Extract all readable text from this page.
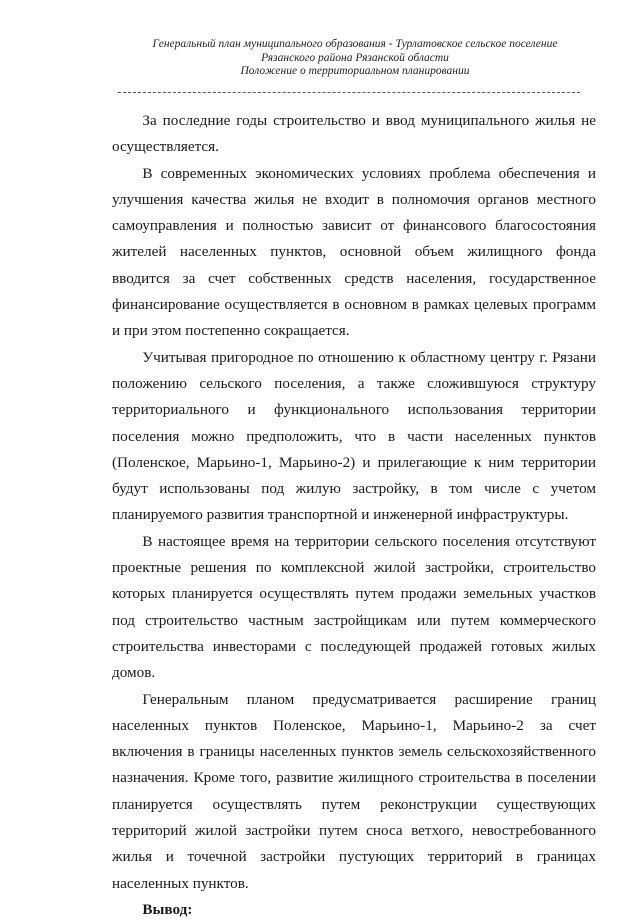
Генеральный план муниципального образования - Турлатовское сельское поселение
Рязанского района Рязанской области
Положение о территориальном планировании

За последние годы строительство и ввод муниципального жилья не осуществляется.

В современных экономических условиях проблема обеспечения и улучшения качества жилья не входит в полномочия органов местного самоуправления и полностью зависит от финансового благосостояния жителей населенных пунктов, основной объем жилищного фонда вводится за счет собственных средств населения, государственное финансирование осуществляется в основном в рамках целевых программ и при этом постепенно сокращается.

Учитывая пригородное по отношению к областному центру г. Рязани положению сельского поселения, а также сложившуюся структуру территориального и функционального использования территории поселения можно предположить, что в части населенных пунктов (Поленское, Марьино-1, Марьино-2) и прилегающие к ним территории будут использованы под жилую застройку, в том числе с учетом планируемого развития транспортной и инженерной инфраструктуры.

В настоящее время на территории сельского поселения отсутствуют проектные решения по комплексной жилой застройки, строительство которых планируется осуществлять путем продажи земельных участков под строительство частным застройщикам или путем коммерческого строительства инвесторами с последующей продажей готовых жилых домов.

Генеральным планом предусматривается расширение границ населенных пунктов Поленское, Марьино-1, Марьино-2 за счет включения в границы населенных пунктов земель сельскохозяйственного назначения. Кроме того, развитие жилищного строительства в поселении планируется осуществлять путем реконструкции существующих территорий жилой застройки путем сноса ветхого, невостребованного жилья и точечной застройки пустующих территорий в границах населенных пунктов.

Вывод:
